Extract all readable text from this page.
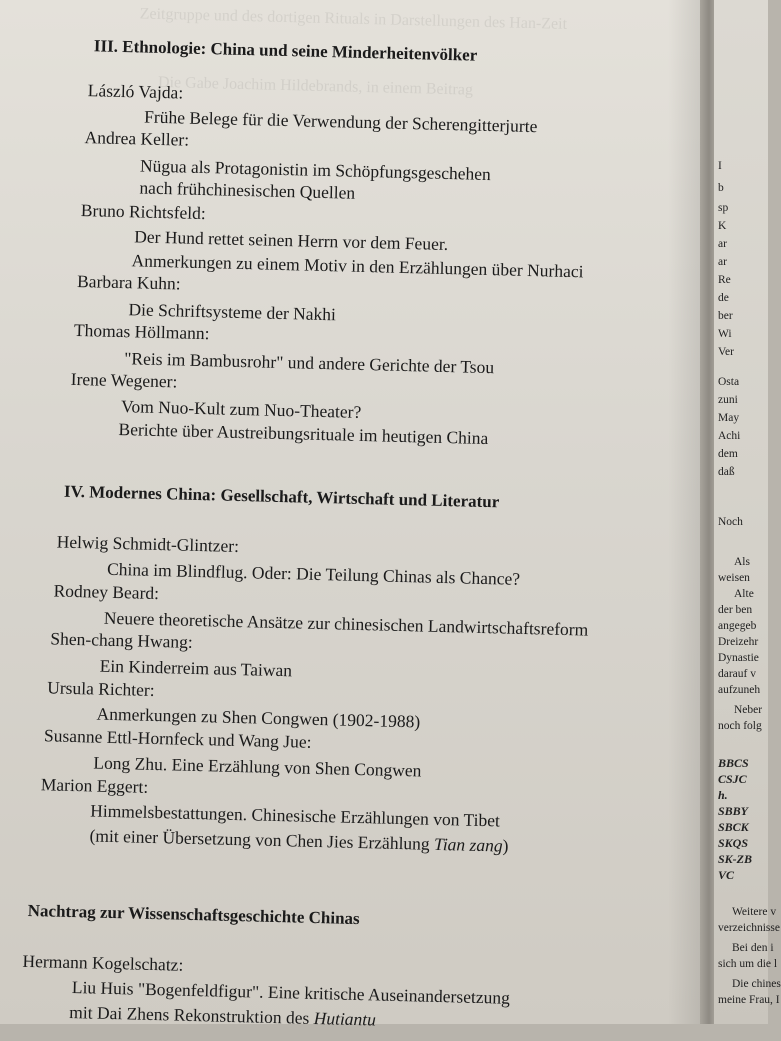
Zeitgruppe und des dortigen Rituals in Darstellungen des Han-Zeit
Die Gabe Joachim Hildebrands, in einem Beitrag
III. Ethnologie: China und seine Minderheitenvölker
László Vajda:
Frühe Belege für die Verwendung der Scherengitterjurte
Andrea Keller:
Nügua als Protagonistin im Schöpfungsgeschehen
nach frühchinesischen Quellen
Bruno Richtsfeld:
Der Hund rettet seinen Herrn vor dem Feuer.
Anmerkungen zu einem Motiv in den Erzählungen über Nurhaci
Barbara Kuhn:
Die Schriftsysteme der Nakhi
Thomas Höllmann:
"Reis im Bambusrohr" und andere Gerichte der Tsou
Irene Wegener:
Vom Nuo-Kult zum Nuo-Theater?
Berichte über Austreibungsrituale im heutigen China
IV. Modernes China: Gesellschaft, Wirtschaft und Literatur
Helwig Schmidt-Glintzer:
China im Blindflug. Oder: Die Teilung Chinas als Chance?
Rodney Beard:
Neuere theoretische Ansätze zur chinesischen Landwirtschaftsreform
Shen-chang Hwang:
Ein Kinderreim aus Taiwan
Ursula Richter:
Anmerkungen zu Shen Congwen (1902-1988)
Susanne Ettl-Hornfeck und Wang Jue:
Long Zhu. Eine Erzählung von Shen Congwen
Marion Eggert:
Himmelsbestattungen. Chinesische Erzählungen von Tibet
(mit einer Übersetzung von Chen Jies Erzählung Tian zang)
Nachtrag zur Wissenschaftsgeschichte Chinas
Hermann Kogelschatz:
Liu Huis "Bogenfeldfigur". Eine kritische Auseinandersetzung
mit Dai Zhens Rekonstruktion des Hutiantu
I
b
sp
K
ar
ar
Re
de
ber
Wi
Ver
Osta
zuni
May
Achi
dem
daß
Noch
Als
weisen
Alte
der ben
angegeb
Dreizehr
Dynastie
darauf v
aufzuneh
Neber
noch folg
BBCS
CSJC
h.
SBBY
SBCK
SKQS
SK-ZB
VC
Weitere v
verzeichnisse
Bei den i
sich um die l
Die chines
meine Frau, I
